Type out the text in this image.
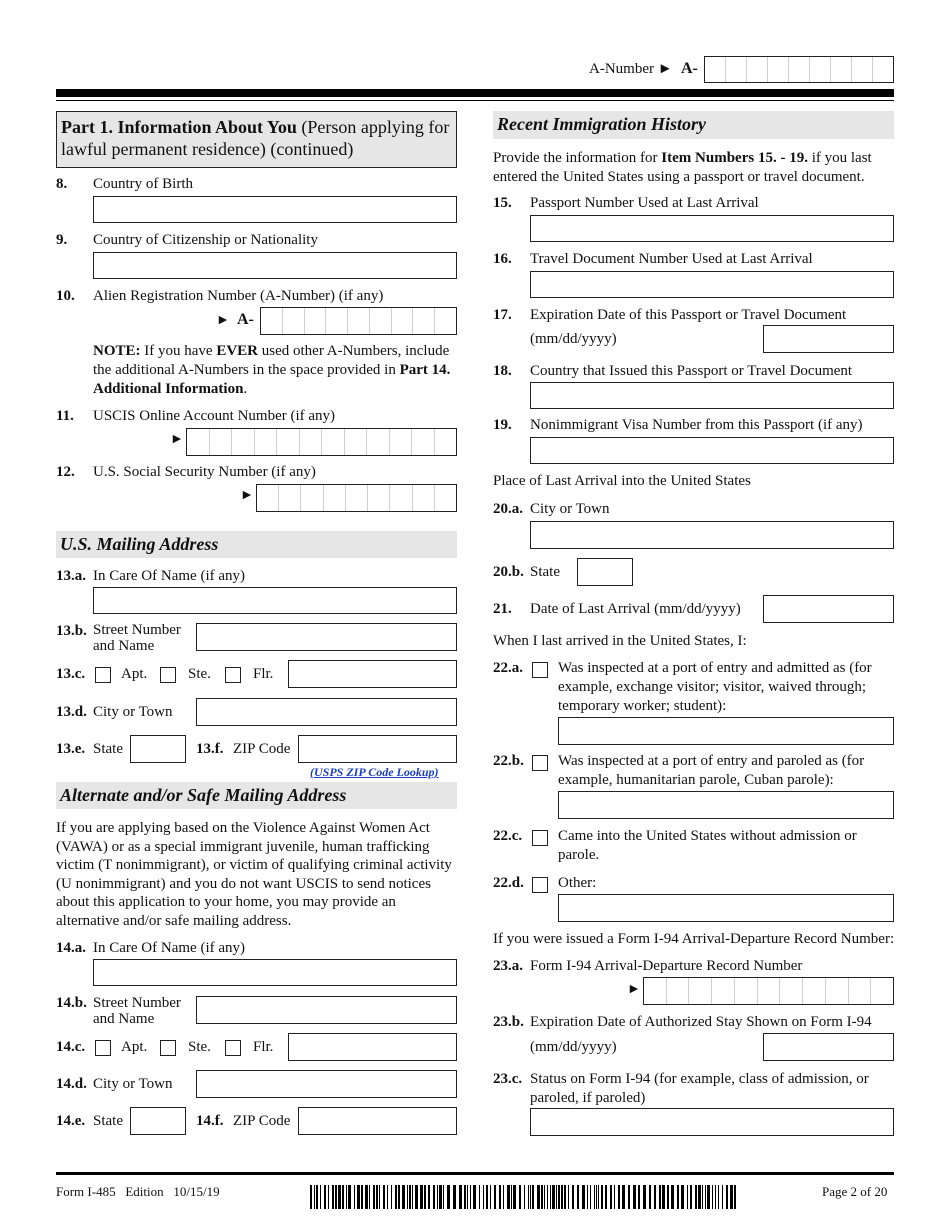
A-Number ► A-
Part 1. Information About You (Person applying for lawful permanent residence) (continued)
8. Country of Birth
9. Country of Citizenship or Nationality
10. Alien Registration Number (A-Number) (if any)
► A-
NOTE: If you have EVER used other A-Numbers, include the additional A-Numbers in the space provided in Part 14. Additional Information.
11. USCIS Online Account Number (if any)
►
12. U.S. Social Security Number (if any)
►
U.S. Mailing Address
13.a. In Care Of Name (if any)
13.b. Street Number
and Name
13.c. Apt.	Ste.	Flr.
13.d. City or Town
13.e. State	13.f. ZIP Code
(USPS ZIP Code Lookup)
Alternate and/or Safe Mailing Address
If you are applying based on the Violence Against Women Act (VAWA) or as a special immigrant juvenile, human trafficking victim (T nonimmigrant), or victim of qualifying criminal activity (U nonimmigrant) and you do not want USCIS to send notices about this application to your home, you may provide an alternative and/or safe mailing address.
14.a. In Care Of Name (if any)
14.b. Street Number
and Name
14.c. Apt.	Ste.	Flr.
14.d. City or Town
14.e. State	14.f. ZIP Code
Recent Immigration History
Provide the information for Item Numbers 15. - 19. if you last entered the United States using a passport or travel document.
15. Passport Number Used at Last Arrival
16. Travel Document Number Used at Last Arrival
17. Expiration Date of this Passport or Travel Document
(mm/dd/yyyy)
18. Country that Issued this Passport or Travel Document
19. Nonimmigrant Visa Number from this Passport (if any)
Place of Last Arrival into the United States
20.a. City or Town
20.b. State
21. Date of Last Arrival (mm/dd/yyyy)
When I last arrived in the United States, I:
22.a. Was inspected at a port of entry and admitted as (for example, exchange visitor; visitor, waived through; temporary worker; student):
22.b. Was inspected at a port of entry and paroled as (for example, humanitarian parole, Cuban parole):
22.c. Came into the United States without admission or parole.
22.d. Other:
If you were issued a Form I-94 Arrival-Departure Record Number:
23.a. Form I-94 Arrival-Departure Record Number
►
23.b. Expiration Date of Authorized Stay Shown on Form I-94
(mm/dd/yyyy)
23.c. Status on Form I-94 (for example, class of admission, or paroled, if paroled)
Form I-485   Edition   10/15/19	Page 2 of 20
